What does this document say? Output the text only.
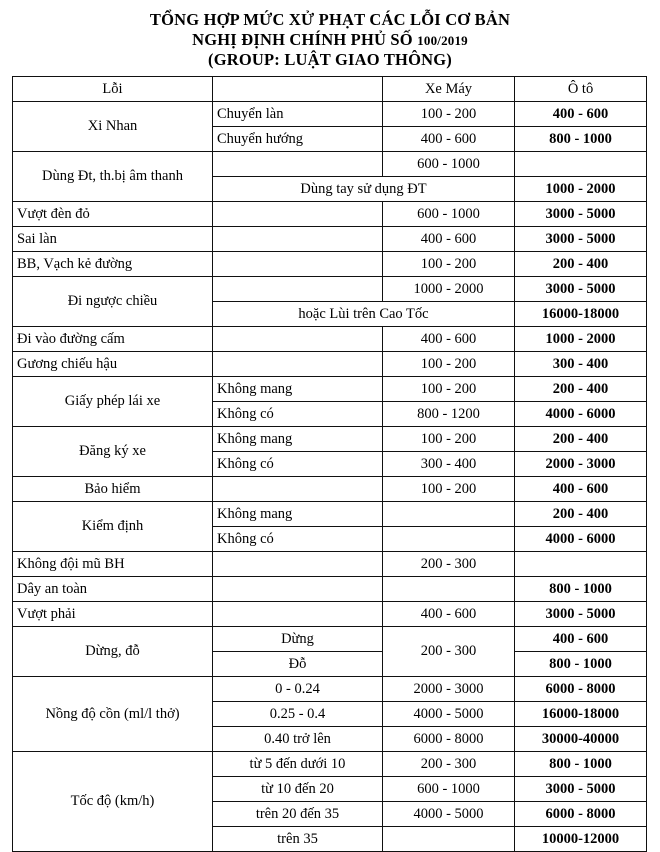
TỔNG HỢP MỨC XỬ PHẠT CÁC LỖI CƠ BẢN
NGHỊ ĐỊNH CHÍNH PHỦ SỐ 100/2019
(GROUP: LUẬT GIAO THÔNG)
Lỗi		Xe Máy	Ô tô
Xi Nhan	Chuyển làn	100 - 200	400 - 600
	Chuyển hướng	400 - 600	800 - 1000
Dùng Đt, th.bị âm thanh		600 - 1000	
	Dùng tay sử dụng ĐT		1000 - 2000
Vượt đèn đỏ		600 - 1000	3000 - 5000
Sai làn		400 - 600	3000 - 5000
BB, Vạch kẻ đường		100 - 200	200 - 400
Đi ngược chiều		1000 - 2000	3000 - 5000
	hoặc Lùi trên Cao Tốc		16000-18000
Đi vào đường cấm		400 - 600	1000 - 2000
Gương chiếu hậu		100 - 200	300 - 400
Giấy phép lái xe	Không mang	100 - 200	200 - 400
	Không có	800 - 1200	4000 - 6000
Đăng ký xe	Không mang	100 - 200	200 - 400
	Không có	300 - 400	2000 - 3000
Bảo hiểm		100 - 200	400 - 600
Kiểm định	Không mang		200 - 400
	Không có		4000 - 6000
Không đội mũ BH		200 - 300	
Dây an toàn			800 - 1000
Vượt phải		400 - 600	3000 - 5000
Dừng, đỗ	Dừng	200 - 300	400 - 600
	Đỗ		800 - 1000
Nồng độ cồn (ml/l thở)	0 - 0.24	2000 - 3000	6000 - 8000
	0.25 - 0.4	4000 - 5000	16000-18000
	0.40 trở lên	6000 - 8000	30000-40000
Tốc độ (km/h)	từ 5 đến dưới 10	200 - 300	800 - 1000
	từ 10 đến 20	600 - 1000	3000 - 5000
	trên 20 đến 35	4000 - 5000	6000 - 8000
	trên 35		10000-12000
